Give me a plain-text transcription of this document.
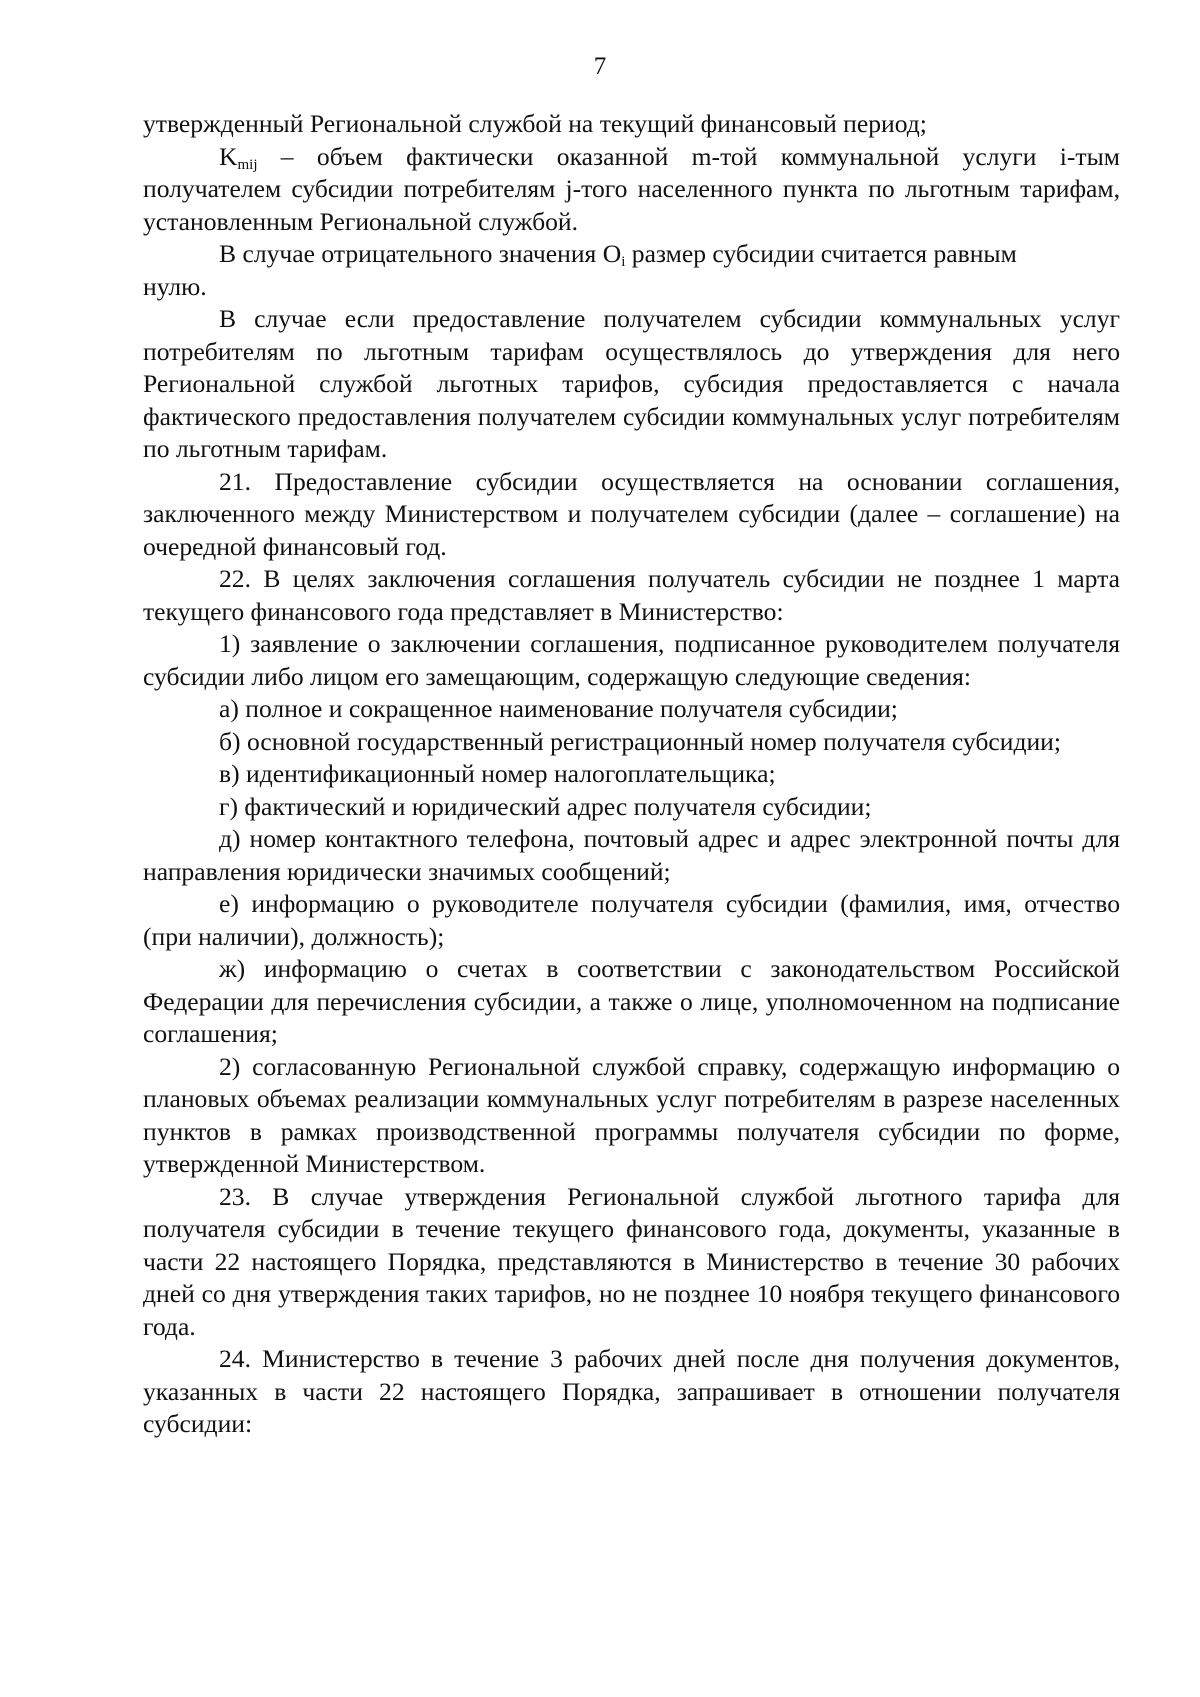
7

утвержденный Региональной службой на текущий финансовый период;

$K_{mij}$ – объем фактически оказанной m-той коммунальной услуги i-тым получателем субсидии потребителям j-того населенного пункта по льготным тарифам, установленным Региональной службой.

В случае отрицательного значения $O_i$ размер субсидии считается равным

нулю.

В случае если предоставление получателем субсидии коммунальных услуг потребителям по льготным тарифам осуществлялось до утверждения для него Региональной службой льготных тарифов, субсидия предоставляется с начала фактического предоставления получателем субсидии коммунальных услуг потребителям по льготным тарифам.

21. Предоставление субсидии осуществляется на основании соглашения, заключенного между Министерством и получателем субсидии (далее – соглашение) на очередной финансовый год.

22. В целях заключения соглашения получатель субсидии не позднее 1 марта текущего финансового года представляет в Министерство:

1) заявление о заключении соглашения, подписанное руководителем получателя субсидии либо лицом его замещающим, содержащую следующие сведения:

а) полное и сокращенное наименование получателя субсидии;

б) основной государственный регистрационный номер получателя субсидии;

в) идентификационный номер налогоплательщика;

г) фактический и юридический адрес получателя субсидии;

д) номер контактного телефона, почтовый адрес и адрес электронной почты для направления юридически значимых сообщений;

е) информацию о руководителе получателя субсидии (фамилия, имя, отчество (при наличии), должность);

ж) информацию о счетах в соответствии с законодательством Российской Федерации для перечисления субсидии, а также о лице, уполномоченном на подписание соглашения;

2) согласованную Региональной службой справку, содержащую информацию о плановых объемах реализации коммунальных услуг потребителям в разрезе населенных пунктов в рамках производственной программы получателя субсидии по форме, утвержденной Министерством.

23. В случае утверждения Региональной службой льготного тарифа для получателя субсидии в течение текущего финансового года, документы, указанные в части 22 настоящего Порядка, представляются в Министерство в течение 30 рабочих дней со дня утверждения таких тарифов, но не позднее 10 ноября текущего финансового года.

24. Министерство в течение 3 рабочих дней после дня получения документов, указанных в части 22 настоящего Порядка, запрашивает в отношении получателя субсидии:
